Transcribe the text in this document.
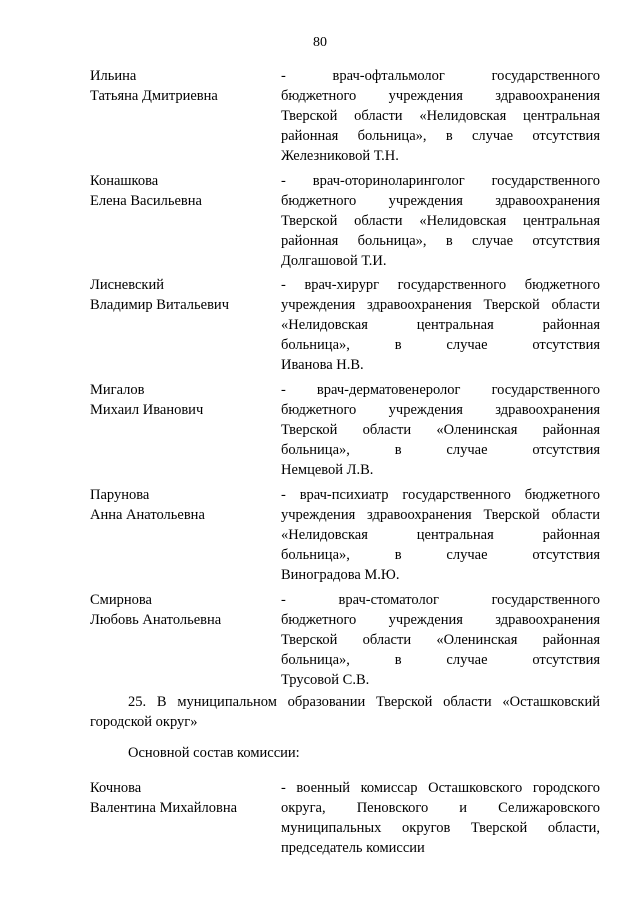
80
Ильина
Татьяна Дмитриевна
- врач-офтальмолог государственного
бюджетного учреждения здравоохранения
Тверской области «Нелидовская центральная
районная больница», в случае отсутствия
Железниковой Т.Н.
Конашкова
Елена Васильевна
- врач-оториноларинголог государственного
бюджетного учреждения здравоохранения
Тверской области «Нелидовская центральная
районная больница», в случае отсутствия
Долгашовой Т.И.
Лисневский
Владимир Витальевич
- врач-хирург государственного бюджетного
учреждения здравоохранения Тверской области
«Нелидовская центральная районная
больница», в случае отсутствия
Иванова Н.В.
Мигалов
Михаил Иванович
- врач-дерматовенеролог государственного
бюджетного учреждения здравоохранения
Тверской области «Оленинская районная
больница», в случае отсутствия
Немцевой Л.В.
Парунова
Анна Анатольевна
- врач-психиатр государственного бюджетного
учреждения здравоохранения Тверской области
«Нелидовская центральная районная
больница», в случае отсутствия
Виноградова М.Ю.
Смирнова
Любовь Анатольевна
- врач-стоматолог государственного
бюджетного учреждения здравоохранения
Тверской области «Оленинская районная
больница», в случае отсутствия
Трусовой С.В.
25. В муниципальном образовании Тверской области «Осташковский
городской округ»
Основной состав комиссии:
Кочнова
Валентина Михайловна
- военный комиссар Осташковского городского
округа, Пеновского и Селижаровского
муниципальных округов Тверской области,
председатель комиссии
